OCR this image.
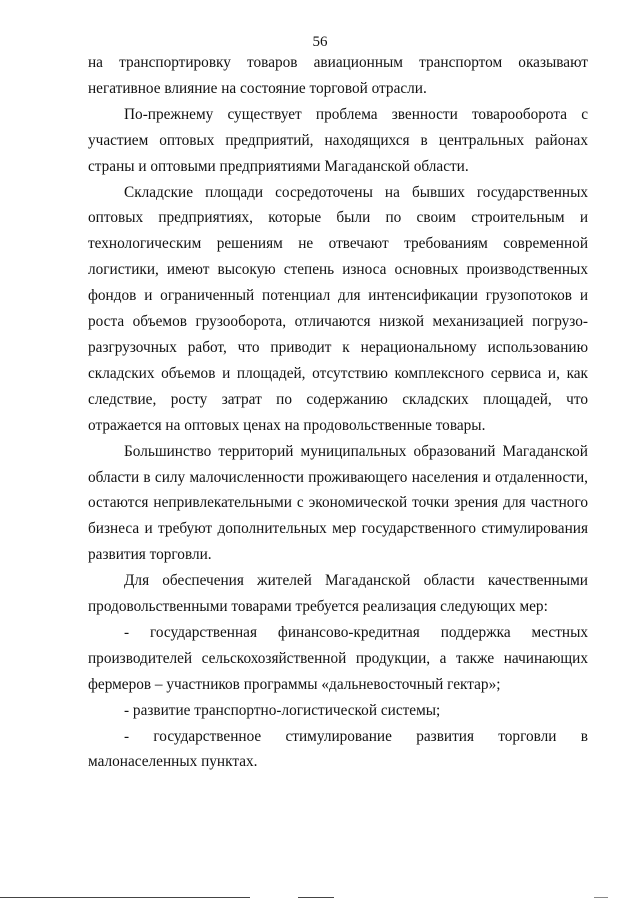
56

на транспортировку товаров авиационным транспортом оказывают негативное влияние на состояние торговой отрасли.

По-прежнему существует проблема звенности товарооборота с участием оптовых предприятий, находящихся в центральных районах страны и оптовыми предприятиями Магаданской области.

Складские площади сосредоточены на бывших государственных оптовых предприятиях, которые были по своим строительным и технологическим решениям не отвечают требованиям современной логистики, имеют высокую степень износа основных производственных фондов и ограниченный потенциал для интенсификации грузопотоков и роста объемов грузооборота, отличаются низкой механизацией погрузо-разгрузочных работ, что приводит к нерациональному использованию складских объемов и площадей, отсутствию комплексного сервиса и, как следствие, росту затрат по содержанию складских площадей, что отражается на оптовых ценах на продовольственные товары.

Большинство территорий муниципальных образований Магаданской области в силу малочисленности проживающего населения и отдаленности, остаются непривлекательными с экономической точки зрения для частного бизнеса и требуют дополнительных мер государственного стимулирования развития торговли.

Для обеспечения жителей Магаданской области качественными продовольственными товарами требуется реализация следующих мер:

- государственная финансово-кредитная поддержка местных производителей сельскохозяйственной продукции, а также начинающих фермеров – участников программы «дальневосточный гектар»;

- развитие транспортно-логистической системы;

- государственное стимулирование развития торговли в малонаселенных пунктах.
